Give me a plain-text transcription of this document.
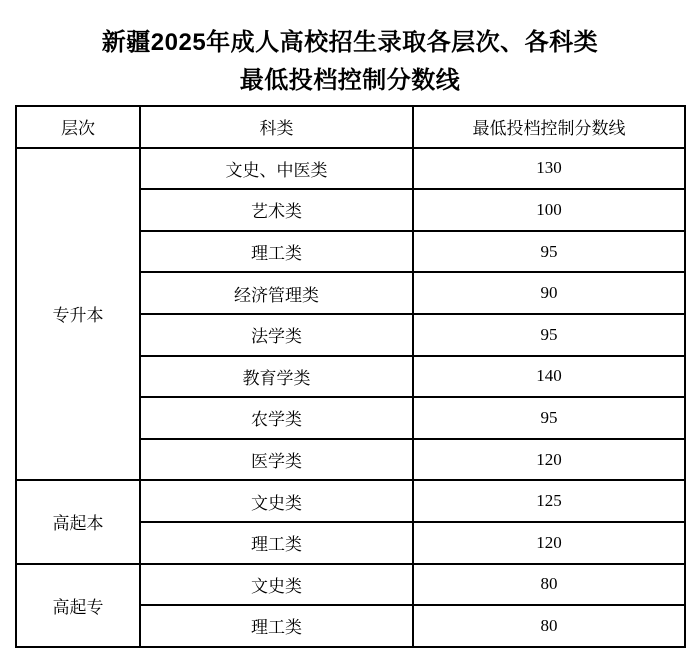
新疆2025年成人高校招生录取各层次、各科类
最低投档控制分数线
层次	科类	最低投档控制分数线
专升本	文史、中医类	130
	艺术类	100
	理工类	95
	经济管理类	90
	法学类	95
	教育学类	140
	农学类	95
	医学类	120
高起本	文史类	125
	理工类	120
高起专	文史类	80
	理工类	80
